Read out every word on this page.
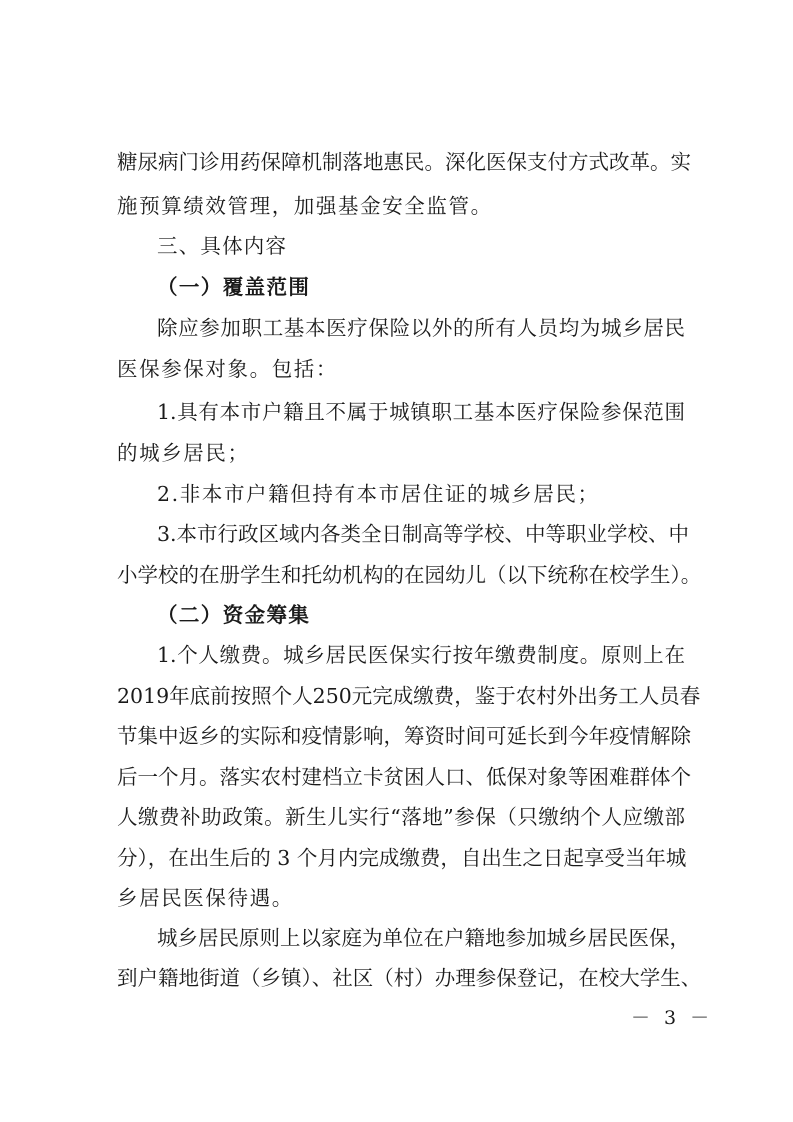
糖尿病门诊用药保障机制落地惠民。深化医保支付方式改革。实
施预算绩效管理，加强基金安全监管。
三、具体内容
（一）覆盖范围
除应参加职工基本医疗保险以外的所有人员均为城乡居民
医保参保对象。包括：
1.具有本市户籍且不属于城镇职工基本医疗保险参保范围
的城乡居民；
2.非本市户籍但持有本市居住证的城乡居民；
3.本市行政区域内各类全日制高等学校、中等职业学校、中
小学校的在册学生和托幼机构的在园幼儿（以下统称在校学生）。
（二）资金筹集
1.个人缴费。城乡居民医保实行按年缴费制度。原则上在
2019年底前按照个人250元完成缴费，鉴于农村外出务工人员春
节集中返乡的实际和疫情影响，筹资时间可延长到今年疫情解除
后一个月。落实农村建档立卡贫困人口、低保对象等困难群体个
人缴费补助政策。新生儿实行“落地”参保（只缴纳个人应缴部
分），在出生后的 3 个月内完成缴费，自出生之日起享受当年城
乡居民医保待遇。
城乡居民原则上以家庭为单位在户籍地参加城乡居民医保，
到户籍地街道（乡镇）、社区（村）办理参保登记，在校大学生、
－ 3 －
